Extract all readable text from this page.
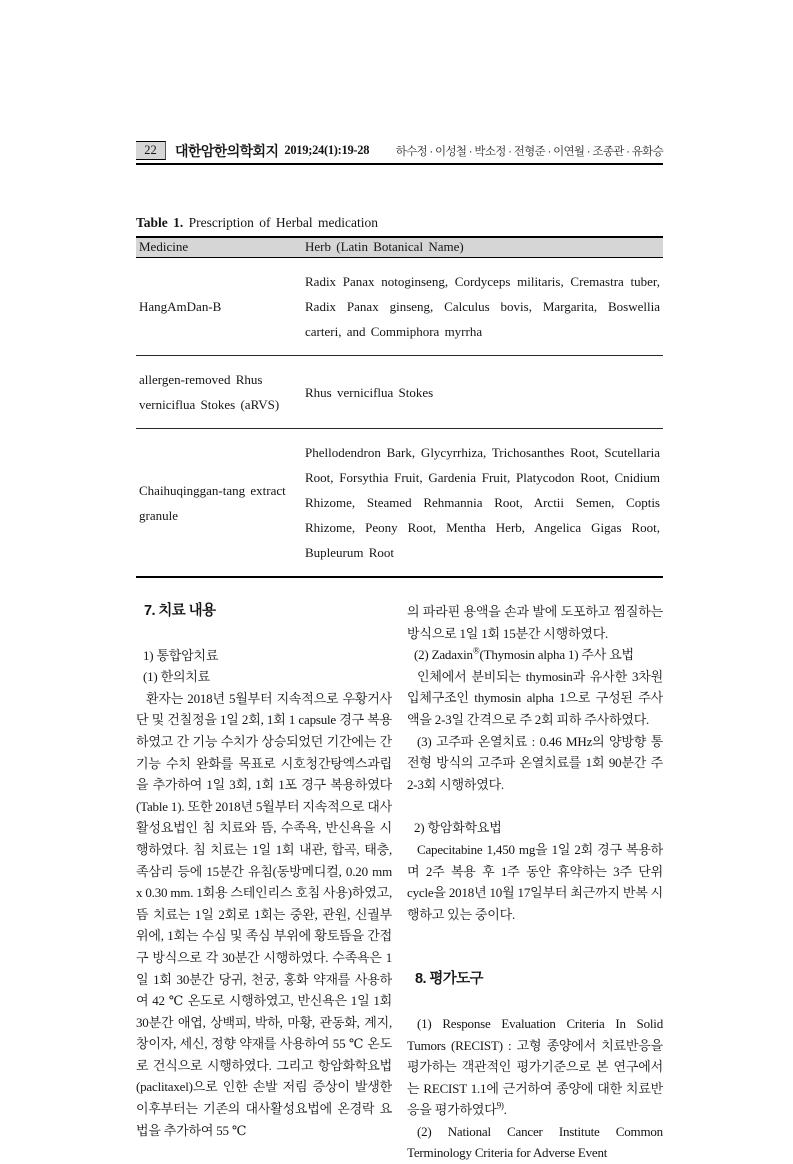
22	대한암한의학회지 2019;24(1):19-28 하수정 · 이성철 · 박소정 · 전형준 · 이연월 · 조종관 · 유화승
Table 1. Prescription of Herbal medication
Medicine	Herb (Latin Botanical Name)
HangAmDan-B	Radix Panax notoginseng, Cordyceps militaris, Cremastra tuber, Radix Panax ginseng, Calculus bovis, Margarita, Boswellia carteri, and Commiphora myrrha
allergen-removed Rhus verniciflua Stokes (aRVS)	Rhus verniciflua Stokes
Chaihuqinggan-tang extract granule	Phellodendron Bark, Glycyrrhiza, Trichosanthes Root, Scutellaria Root, Forsythia Fruit, Gardenia Fruit, Platycodon Root, Cnidium Rhizome, Steamed Rehmannia Root, Arctii Semen, Coptis Rhizome, Peony Root, Mentha Herb, Angelica Gigas Root, Bupleurum Root
7. 치료 내용
1) 통합암치료
(1) 한의치료

환자는 2018년 5월부터 지속적으로 우황거사단 및 건칠정을 1일 2회, 1회 1 capsule 경구 복용하였고 간 기능 수치가 상승되었던 기간에는 간 기능 수치 완화를 목표로 시호청간탕엑스과립을 추가하여 1일 3회, 1회 1포 경구 복용하였다(Table 1). 또한 2018년 5월부터 지속적으로 대사활성요법인 침 치료와 뜸, 수족욕, 반신욕을 시행하였다. 침 치료는 1일 1회 내관, 합곡, 태충, 족삼리 등에 15분간 유침(동방메디컬, 0.20 mm x 0.30 mm. 1회용 스테인리스 호침 사용)하였고, 뜸 치료는 1일 2회로 1회는 중완, 관원, 신궐부위에, 1회는 수심 및 족심 부위에 황토뜸을 간접구 방식으로 각 30분간 시행하였다. 수족욕은 1일 1회 30분간 당귀, 천궁, 홍화 약재를 사용하여 42 ℃ 온도로 시행하였고, 반신욕은 1일 1회 30분간 애엽, 상백피, 박하, 마황, 관동화, 계지, 창이자, 세신, 정향 약재를 사용하여 55 ℃ 온도로 건식으로 시행하였다. 그리고 항암화학요법(paclitaxel)으로 인한 손발 저림 증상이 발생한 이후부터는 기존의 대사활성요법에 온경락 요법을 추가하여 55 ℃

의 파라핀 용액을 손과 발에 도포하고 찜질하는 방식으로 1일 1회 15분간 시행하였다.

(2) Zadaxin®(Thymosin alpha 1) 주사 요법

인체에서 분비되는 thymosin과 유사한 3차원 입체구조인 thymosin alpha 1으로 구성된 주사액을 2-3일 간격으로 주 2회 피하 주사하였다.

(3) 고주파 온열치료 : 0.46 MHz의 양방향 통전형 방식의 고주파 온열치료를 1회 90분간 주 2-3회 시행하였다.

2) 항암화학요법

Capecitabine 1,450 mg을 1일 2회 경구 복용하며 2주 복용 후 1주 동안 휴약하는 3주 단위 cycle을 2018년 10월 17일부터 최근까지 반복 시행하고 있는 중이다.

8. 평가도구

(1) Response Evaluation Criteria In Solid Tumors (RECIST) : 고형 종양에서 치료반응을 평가하는 객관적인 평가기준으로 본 연구에서는 RECIST 1.1에 근거하여 종양에 대한 치료반응을 평가하였다$^{9)}$.

(2) National Cancer Institute Common Terminology Criteria for Adverse Event
